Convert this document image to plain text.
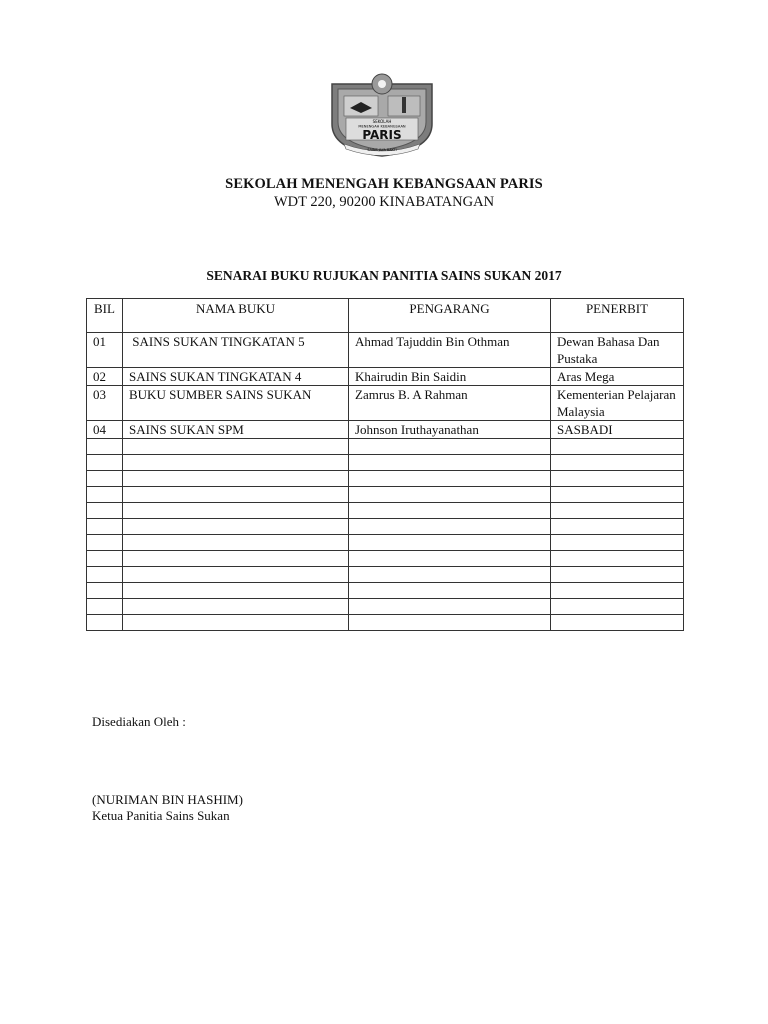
SEKOLAH
MENENGAH KEBANGSAAN
PARIS
SAINS JAYA BAKTI
SEKOLAH MENENGAH KEBANGSAAN PARIS
WDT 220, 90200 KINABATANGAN
SENARAI BUKU RUJUKAN PANITIA SAINS SUKAN 2017
BIL	NAMA BUKU	PENGARANG	PENERBIT
01	SAINS SUKAN TINGKATAN 5	Ahmad Tajuddin Bin Othman	Dewan Bahasa Dan Pustaka
02	SAINS SUKAN TINGKATAN 4	Khairudin Bin Saidin	Aras Mega
03	BUKU SUMBER SAINS SUKAN	Zamrus B. A Rahman	Kementerian Pelajaran Malaysia
04	SAINS SUKAN SPM	Johnson Iruthayanathan	SASBADI

Disediakan Oleh :
(NURIMAN BIN HASHIM)
Ketua Panitia Sains Sukan
